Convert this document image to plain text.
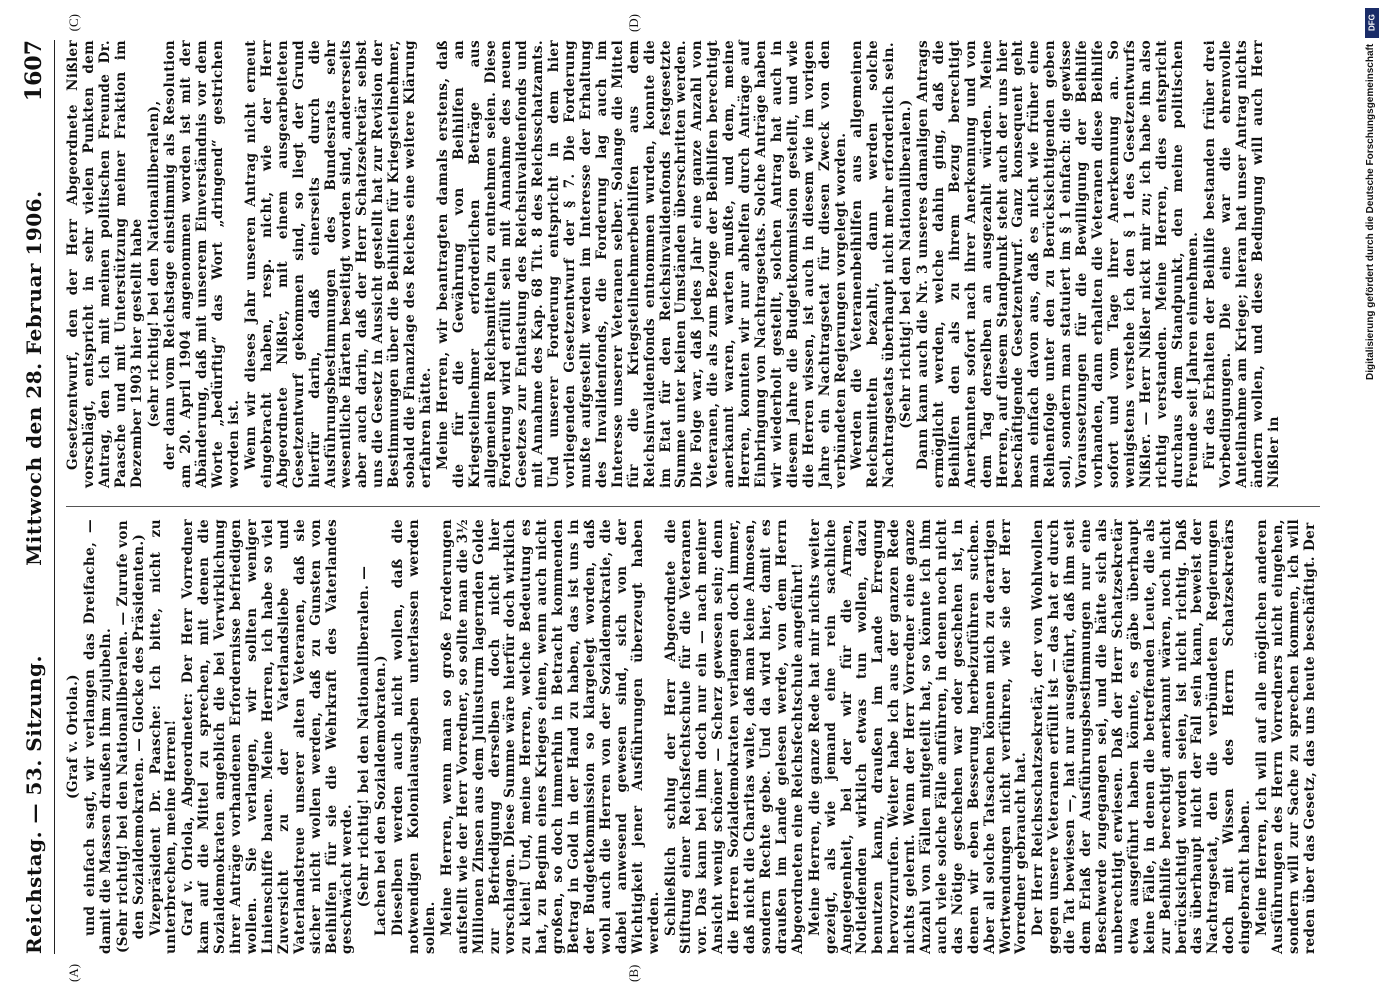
Reichstag. — 53. Sitzung.
Mittwoch den 28. Februar 1906.
1607
(A)	(B)

(Graf v. Oriola.) und einfach sagt, wir verlangen das Dreifache, — damit die Massen draußen ihm zujubeln. (Sehr richtig! bei den Nationalliberalen. — Zurufe von den Sozialdemokraten. — Glocke des Präsidenten.) Vizepräsident Dr. Paasche: Ich bitte, nicht zu unterbrechen, meine Herren! Graf v. Oriola, Abgeordneter: Der Herr Vorredner kam auf die Mittel zu sprechen, mit denen die Sozialdemokraten angeblich die bei Verwirklichung ihrer Anträge vorhandenen Erfordernisse befriedigen wollen. Sie verlangen, wir sollten weniger Linienschiffe bauen. Meine Herren, ich habe so viel Zuversicht zu der Vaterlandsliebe und Vaterlandstreue unserer alten Veteranen, daß sie sicher nicht wollen werden, daß zu Gunsten von Beihilfen für sie die Wehrkraft des Vaterlandes geschwächt werde. (Sehr richtig! bei den Nationalliberalen. — Lachen bei den Sozialdemokraten.) Dieselben werden auch nicht wollen, daß die notwendigen Kolonialausgaben unterlassen werden sollen. Meine Herren, wenn man so große Forderungen aufstellt wie der Herr Vorredner, so sollte man die 3½ Millionen Zinsen aus dem Juliusturm lagernden Golde zur Befriedigung derselben doch nicht hier vorschlagen. Diese Summe wäre hierfür doch wirklich zu klein! Und, meine Herren, welche Bedeutung es hat, zu Beginn eines Krieges einen, wenn auch nicht großen, so doch immerhin in Betracht kommenden Betrag in Gold in der Hand zu haben, das ist uns in der Budgetkommission so klargelegt worden, daß wohl auch die Herren von der Sozialdemokratie, die dabei anwesend gewesen sind, sich von der Wichtigkeit jener Ausführungen überzeugt haben werden. Schließlich schlug der Herr Abgeordnete die Stiftung einer Reichsfechtschule für die Veteranen vor. Das kann bei ihm doch nur ein — nach meiner Ansicht wenig schöner — Scherz gewesen sein; denn die Herren Sozialdemokraten verlangen doch immer, daß nicht die Charitas walte, daß man keine Almosen, sondern Rechte gebe. Und da wird hier, damit es draußen im Lande gelesen werde, von dem Herrn Abgeordneten eine Reichsfechtschule angeführt! Meine Herren, die ganze Rede hat mir nichts weiter gezeigt, als wie jemand eine rein sachliche Angelegenheit, bei der wir für die Armen, Notleidenden wirklich etwas tun wollen, dazu benutzen kann, draußen im Lande Erregung hervorzurufen. Weiter habe ich aus der ganzen Rede nichts gelernt. Wenn der Herr Vorredner eine ganze Anzahl von Fällen mitgeteilt hat, so könnte ich ihm auch viele solche Fälle anführen, in denen noch nicht das Nötige geschehen war oder geschehen ist, in denen wir eben Besserung herbeizuführen suchen. Aber all solche Tatsachen können mich zu derartigen Wortwendungen nicht verführen, wie sie der Herr Vorredner gebraucht hat. Der Herr Reichsschatzsekretär, der von Wohlwollen gegen unsere Veteranen erfüllt ist — das hat er durch die Tat bewiesen —, hat nur ausgeführt, daß ihm seit dem Erlaß der Ausführungsbestimmungen nur eine Beschwerde zugegangen sei, und die hätte sich als unberechtigt erwiesen. Daß der Herr Schatzsekretär etwa ausgeführt haben könnte, es gäbe überhaupt keine Fälle, in denen die betreffenden Leute, die als zur Beihilfe berechtigt anerkannt wären, noch nicht berücksichtigt worden seien, ist nicht richtig. Daß das überhaupt nicht der Fall sein kann, beweist der Nachtragsetat, den die verbündeten Regierungen doch mit Wissen des Herrn Schatzsekretärs eingebracht haben. Meine Herren, ich will auf alle möglichen anderen Ausführungen des Herrn Vorredners nicht eingehen, sondern will zur Sache zu sprechen kommen, ich will reden über das Gesetz, das uns heute beschäftigt. Der

(C)	(D)

Gesetzentwurf, den der Herr Abgeordnete Nißler vorschlägt, entspricht in sehr vielen Punkten dem Antrag, den ich mit meinen politischen Freunde Dr. Paasche und mit Unterstützung meiner Fraktion im Dezember 1903 hier gestellt habe (sehr richtig! bei den Nationalliberalen), der dann vom Reichstage einstimmig als Resolution am 20. April 1904 angenommen worden ist mit der Abänderung, daß mit unserem Einverständnis vor dem Worte „bedürftig“ das Wort „dringend“ gestrichen worden ist. Wenn wir dieses Jahr unseren Antrag nicht erneut eingebracht haben, resp. nicht, wie der Herr Abgeordnete Nißler, mit einem ausgearbeiteten Gesetzentwurf gekommen sind, so liegt der Grund hierfür darin, daß einerseits durch die Ausführungsbestimmungen des Bundesrats sehr wesentliche Härten beseitigt worden sind, andererseits aber auch darin, daß der Herr Schatzsekretär selbst uns die Gesetz in Aussicht gestellt hat zur Revision der Bestimmungen über die Beihilfen für Kriegsteilnehmer, sobald die Finanzlage des Reiches eine weitere Klärung erfahren hätte. Meine Herren, wir beantragten damals erstens, daß die für die Gewährung von Beihilfen an Kriegsteilnehmer erforderlichen Beträge aus allgemeinen Reichsmitteln zu entnehmen seien. Diese Forderung wird erfüllt sein mit Annahme des neuen Gesetzes zur Entlastung des Reichsinvalidenfonds und mit Annahme des Kap. 68 Tit. 8 des Reichsschatzamts. Und unserer Forderung entspricht in dem hier vorliegenden Gesetzentwurf der § 7. Die Forderung mußte aufgestellt werden im Interesse der Erhaltung des Invalidenfonds, die Forderung lag auch im Interesse unserer Veteranen selber. Solange die Mittel für die Kriegsteilnehmerbeihilfen aus dem Reichsinvalidenfonds entnommen wurden, konnte die im Etat für den Reichsinvalidenfonds festgesetzte Summe unter keinen Umständen überschritten werden. Die Folge war, daß jedes Jahr eine ganze Anzahl von Veteranen, die als zum Bezuge der Beihilfen berechtigt anerkannt waren, warten mußte, und dem, meine Herren, konnten wir nur abhelfen durch Anträge auf Einbringung von Nachtragsetats. Solche Anträge haben wir wiederholt gestellt, solchen Antrag hat auch in diesem Jahre die Budgetkommission gestellt, und wie die Herren wissen, ist auch in diesem wie im vorigen Jahre ein Nachtragsetat für diesen Zweck von den verbündeten Regierungen vorgelegt worden. Werden die Veteranenbeihilfen aus allgemeinen Reichsmitteln bezahlt, dann werden solche Nachtragsetats überhaupt nicht mehr erforderlich sein. (Sehr richtig! bei den Nationalliberalen.) Dann kann auch die Nr. 3 unseres damaligen Antrags ermöglicht werden, welche dahin ging, daß die Beihilfen den als zu ihrem Bezug berechtigt Anerkannten sofort nach ihrer Anerkennung und von dem Tag derselben an ausgezahlt würden. Meine Herren, auf diesem Standpunkt steht auch der uns hier beschäftigende Gesetzentwurf. Ganz konsequent geht man einfach davon aus, daß es nicht wie früher eine Reihenfolge unter den zu Berücksichtigenden geben soll, sondern man statuiert im § 1 einfach: die gewisse Voraussetzungen für die Bewilligung der Beihilfe vorhanden, dann erhalten die Veteranen diese Beihilfe sofort und vom Tage ihrer Anerkennung an. So wenigstens verstehe ich den § 1 des Gesetzentwurfs Nißler. — Herr Nißler nickt mir zu; ich habe ihn also richtig verstanden. Meine Herren, dies entspricht durchaus dem Standpunkt, den meine politischen Freunde seit Jahren einnehmen. Für das Erhalten der Beihilfe bestanden früher drei Vorbedingungen. Die eine war die ehrenvolle Anteilnahme am Kriege; hieran hat unser Antrag nichts ändern wollen, und diese Bedingung will auch Herr Nißler in

DFG
Digitalisierung gefördert durch die Deutsche Forschungsgemeinschaft
